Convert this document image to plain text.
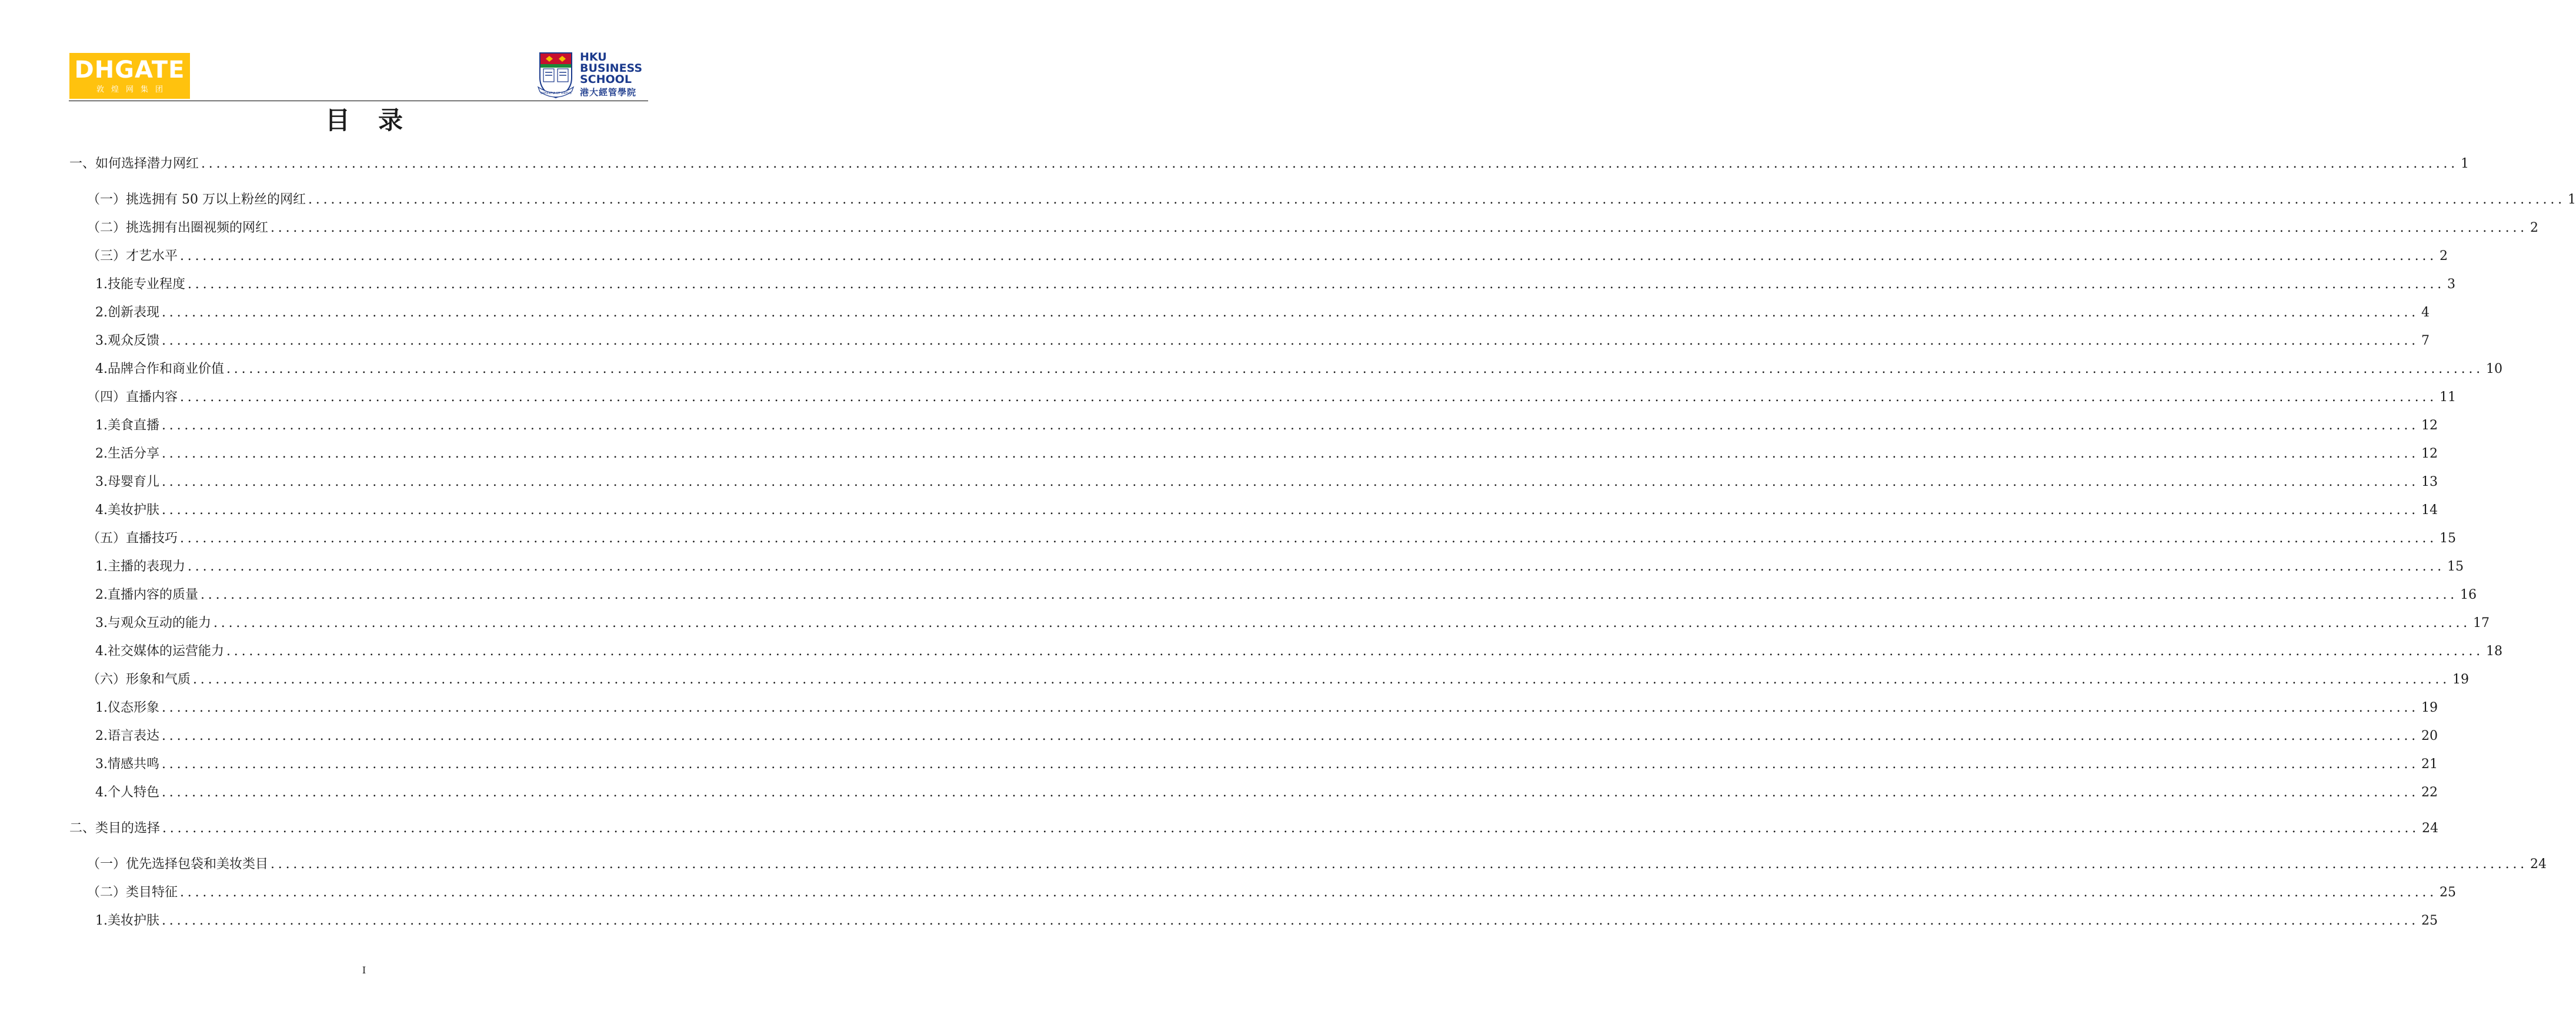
DHGATE
敦煌网集团	SAPIENTIA ET VIRTUS
HKU
BUSINESS
SCHOOL
港大經管學院
目 录
一、如何选择潜力网红 ............................................................................................................................................................................................................................................................................................................ 1
（一）挑选拥有 50 万以上粉丝的网红 ............................................................................................................................................................................................................................................................................................................ 1
（二）挑选拥有出圈视频的网红 ............................................................................................................................................................................................................................................................................................................ 2
（三）才艺水平 ............................................................................................................................................................................................................................................................................................................ 2
1.技能专业程度 ............................................................................................................................................................................................................................................................................................................ 3
2.创新表现 ............................................................................................................................................................................................................................................................................................................ 4
3.观众反馈 ............................................................................................................................................................................................................................................................................................................ 7
4.品牌合作和商业价值 ............................................................................................................................................................................................................................................................................................................ 10
（四）直播内容 ............................................................................................................................................................................................................................................................................................................ 11
1.美食直播 ............................................................................................................................................................................................................................................................................................................ 12
2.生活分享 ............................................................................................................................................................................................................................................................................................................ 12
3.母婴育儿 ............................................................................................................................................................................................................................................................................................................ 13
4.美妆护肤 ............................................................................................................................................................................................................................................................................................................ 14
（五）直播技巧 ............................................................................................................................................................................................................................................................................................................ 15
1.主播的表现力 ............................................................................................................................................................................................................................................................................................................ 15
2.直播内容的质量 ............................................................................................................................................................................................................................................................................................................ 16
3.与观众互动的能力 ............................................................................................................................................................................................................................................................................................................ 17
4.社交媒体的运营能力 ............................................................................................................................................................................................................................................................................................................ 18
（六）形象和气质 ............................................................................................................................................................................................................................................................................................................ 19
1.仪态形象 ............................................................................................................................................................................................................................................................................................................ 19
2.语言表达 ............................................................................................................................................................................................................................................................................................................ 20
3.情感共鸣 ............................................................................................................................................................................................................................................................................................................ 21
4.个人特色 ............................................................................................................................................................................................................................................................................................................ 22
二、类目的选择 ............................................................................................................................................................................................................................................................................................................ 24
（一）优先选择包袋和美妆类目 ............................................................................................................................................................................................................................................................................................................ 24
（二）类目特征 ............................................................................................................................................................................................................................................................................................................ 25
1.美妆护肤 ............................................................................................................................................................................................................................................................................................................ 25
I
